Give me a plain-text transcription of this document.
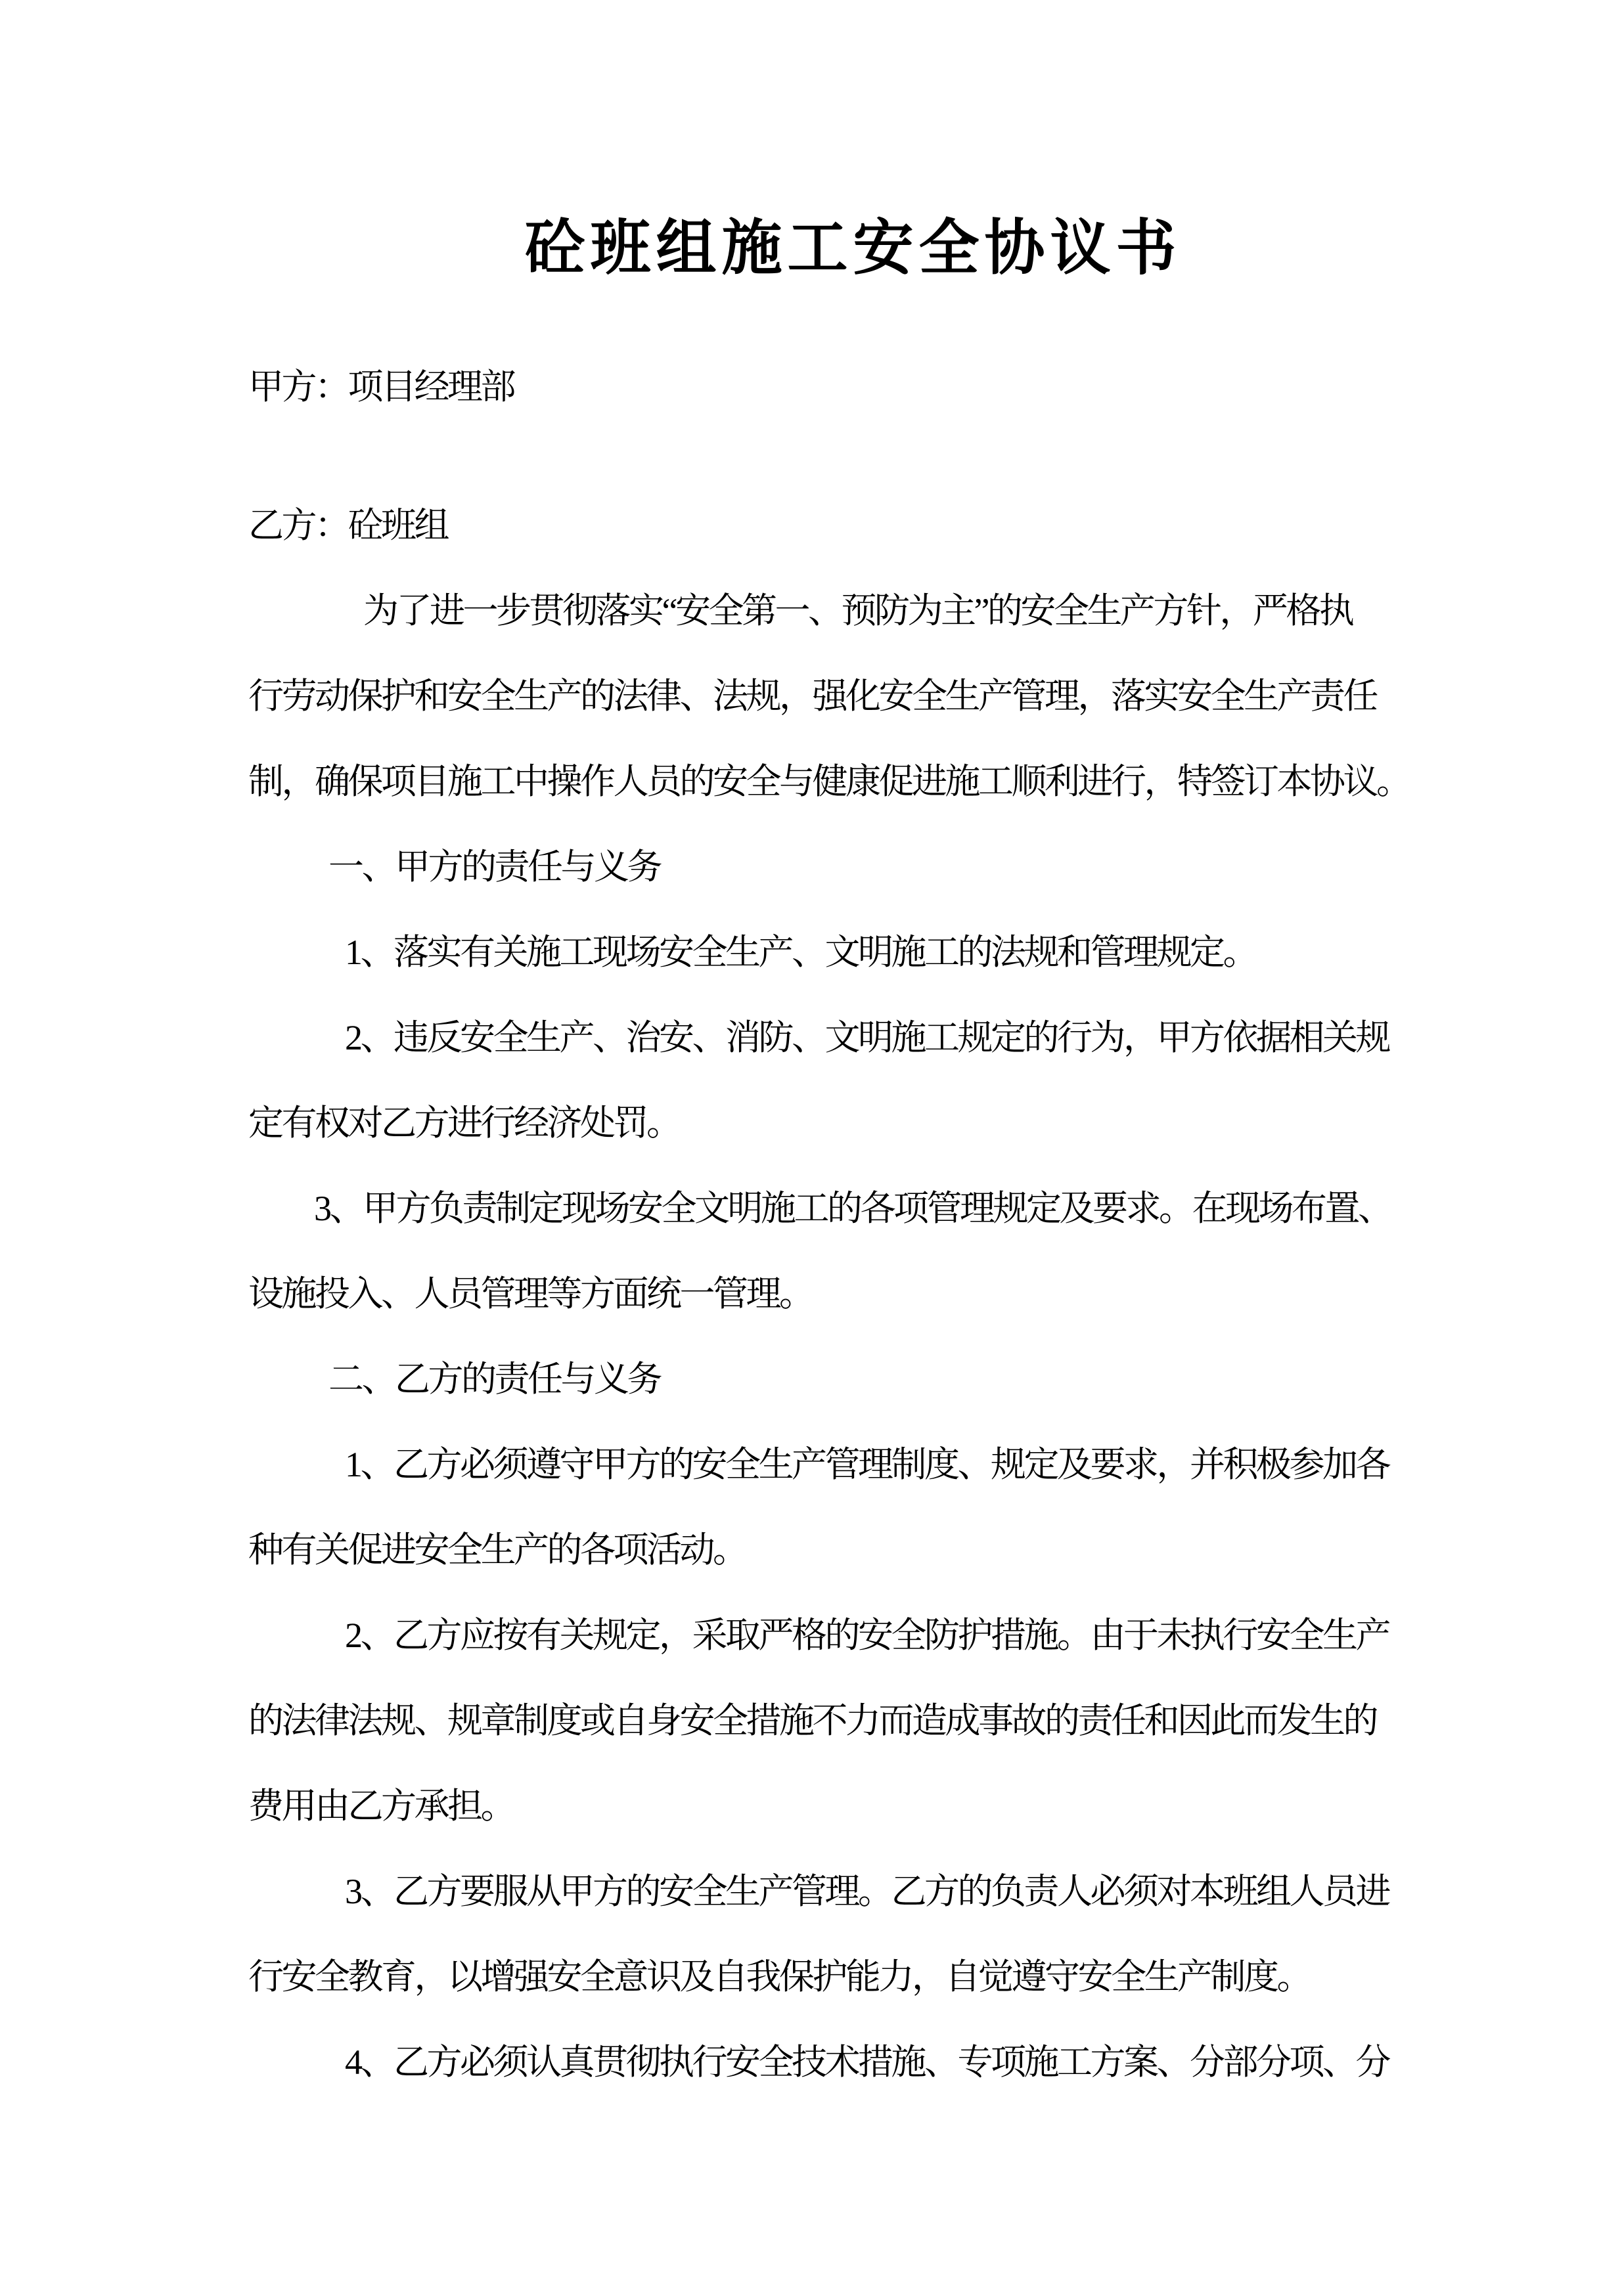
砼班组施工安全协议书
甲方：项目经理部
乙方：砼班组
为了进一步贯彻落实“安全第一、预防为主”的安全生产方针，严格执
行劳动保护和安全生产的法律、法规，强化安全生产管理，落实安全生产责任
制，确保项目施工中操作人员的安全与健康促进施工顺利进行，特签订本协议。
一、甲方的责任与义务
1、落实有关施工现场安全生产、文明施工的法规和管理规定。
2、违反安全生产、治安、消防、文明施工规定的行为，甲方依据相关规
定有权对乙方进行经济处罚。
3、甲方负责制定现场安全文明施工的各项管理规定及要求。在现场布置、
设施投入、人员管理等方面统一管理。
二、乙方的责任与义务
1、乙方必须遵守甲方的安全生产管理制度、规定及要求，并积极参加各
种有关促进安全生产的各项活动。
2、乙方应按有关规定，采取严格的安全防护措施。由于未执行安全生产
的法律法规、规章制度或自身安全措施不力而造成事故的责任和因此而发生的
费用由乙方承担。
3、乙方要服从甲方的安全生产管理。乙方的负责人必须对本班组人员进
行安全教育，以增强安全意识及自我保护能力，自觉遵守安全生产制度。
4、乙方必须认真贯彻执行安全技术措施、专项施工方案、分部分项、分
